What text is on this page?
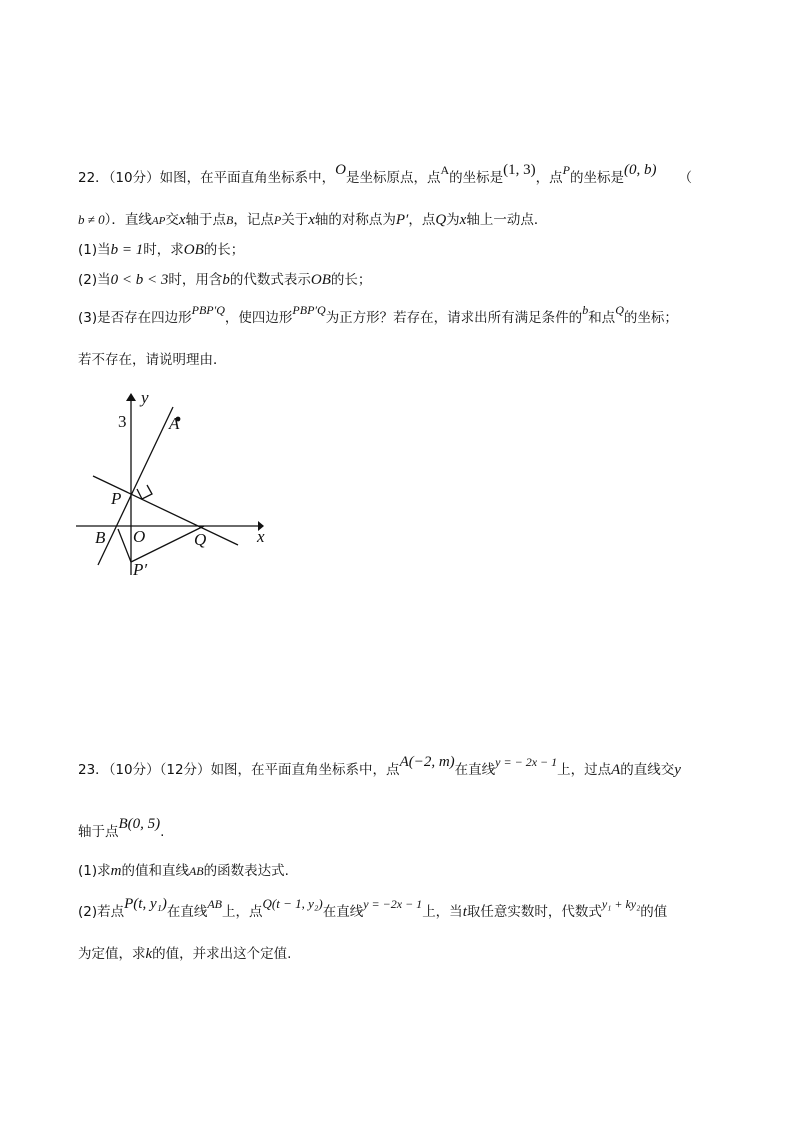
22．（10分）如图，在平面直角坐标系中，O是坐标原点，点A的坐标是(1, 3)，点P的坐标是(0, b) （
b ≠ 0）．直线AP交x轴于点B，记点P关于x轴的对称点为P′，点Q为x轴上一动点．
(1)当b = 1时，求OB的长；
(2)当0 < b < 3时，用含b的代数式表示OB的长；
(3)是否存在四边形PBP′Q，使四边形PBP′Q为正方形？若存在，请求出所有满足条件的b和点Q的坐标；
若不存在，请说明理由．
y
x
A
P
B O	Q
P′
3
23．（10分）（12分）如图，在平面直角坐标系中，点A(−2, m)在直线y = − 2x − 1上，过点A的直线交y
轴于点B(0, 5).
(1)求m的值和直线AB的函数表达式.
(2)若点P(t, y₁)在直线AB上，点Q(t − 1, y₂)在直线y = −2x − 1上，当t取任意实数时，代数式y₁ + ky₂的值
为定值，求k的值，并求出这个定值.
